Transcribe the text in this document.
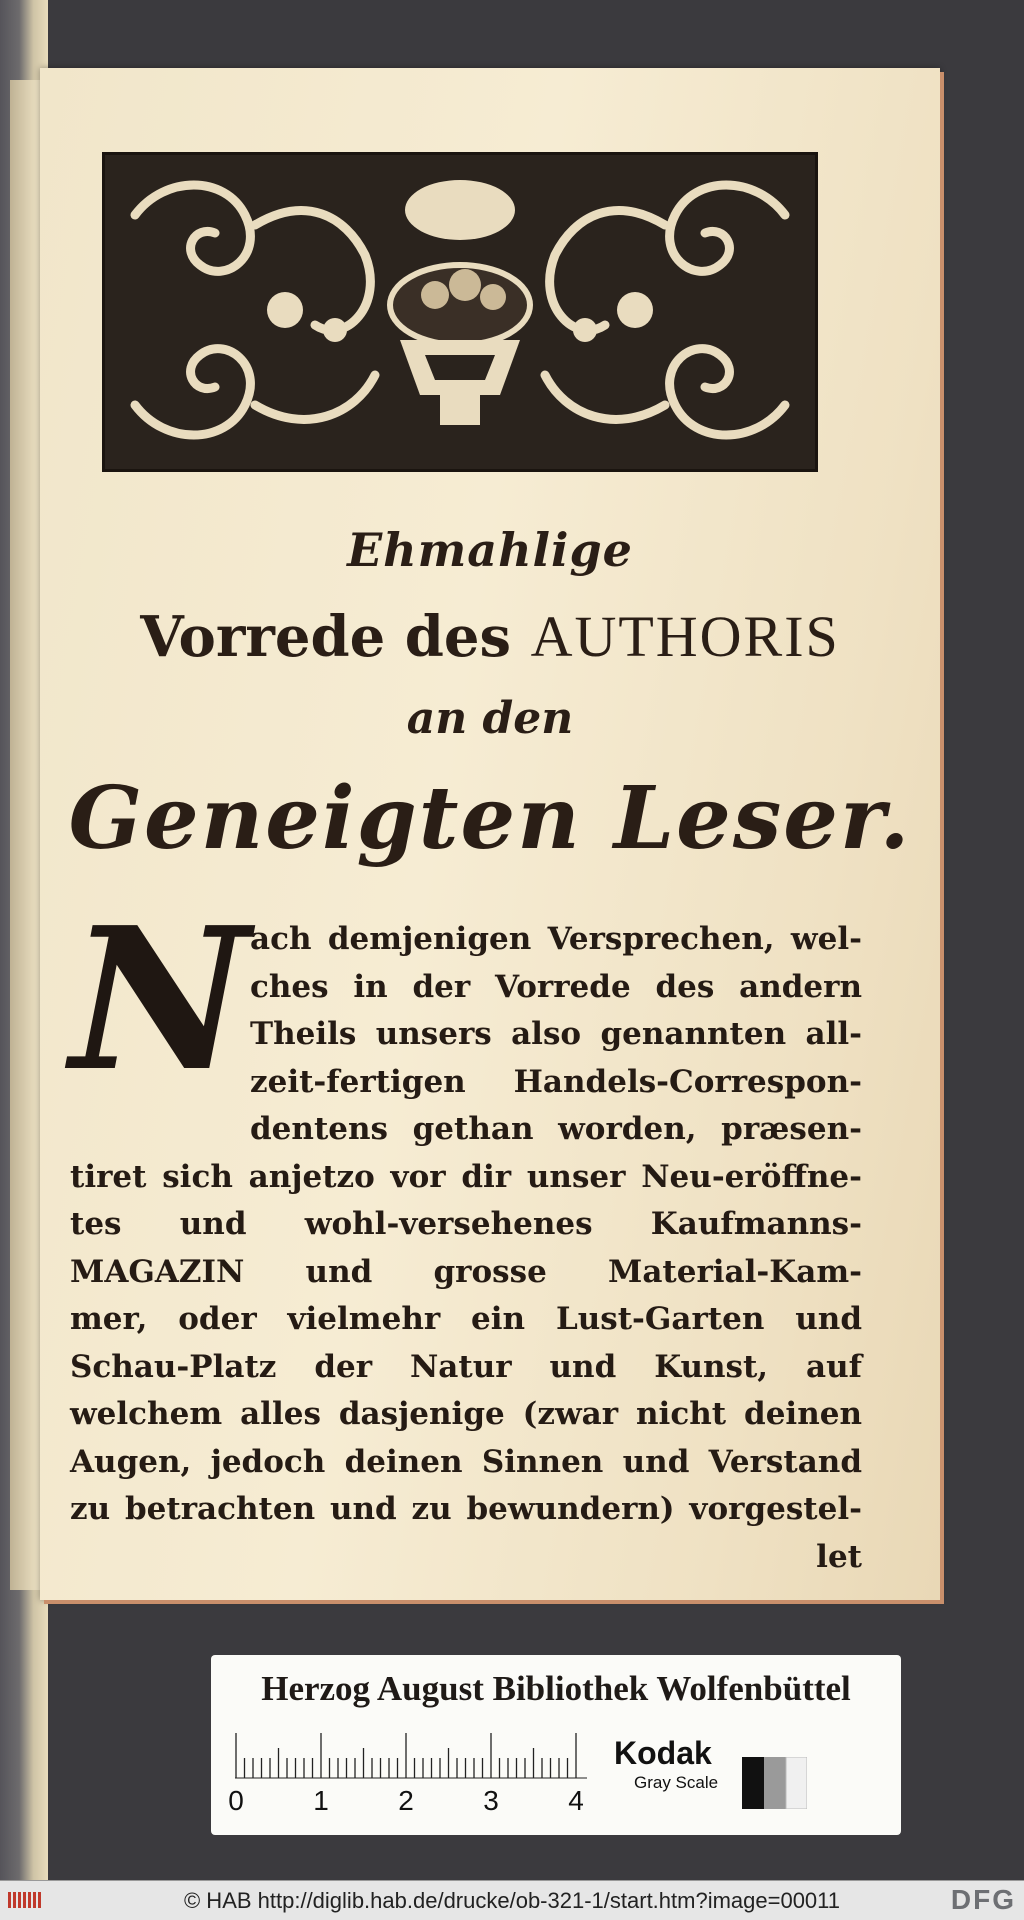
Ehmahlige
Vorrede des AUTHORIS
an den
Geneigten Leser.
N ach demjenigen Versprechen, wel-
ches in der Vorrede des andern
Theils unsers also genannten all-
zeit-fertigen Handels-Correspon-
dentens gethan worden, præsen-
tiret sich anjetzo vor dir unser Neu-eröffne-
tes und wohl-versehenes Kaufmanns-
MAGAZIN und grosse Material-Kam-
mer, oder vielmehr ein Lust-Garten und
Schau-Platz der Natur und Kunst, auf
welchem alles dasjenige (zwar nicht deinen
Augen, jedoch deinen Sinnen und Verstand
zu betrachten und zu bewundern) vorgestel-
let
Herzog August Bibliothek Wolfenbüttel
0 1 2 3 4
Kodak
Gray Scale
© HAB http://diglib.hab.de/drucke/ob-321-1/start.htm?image=00011	DFG
